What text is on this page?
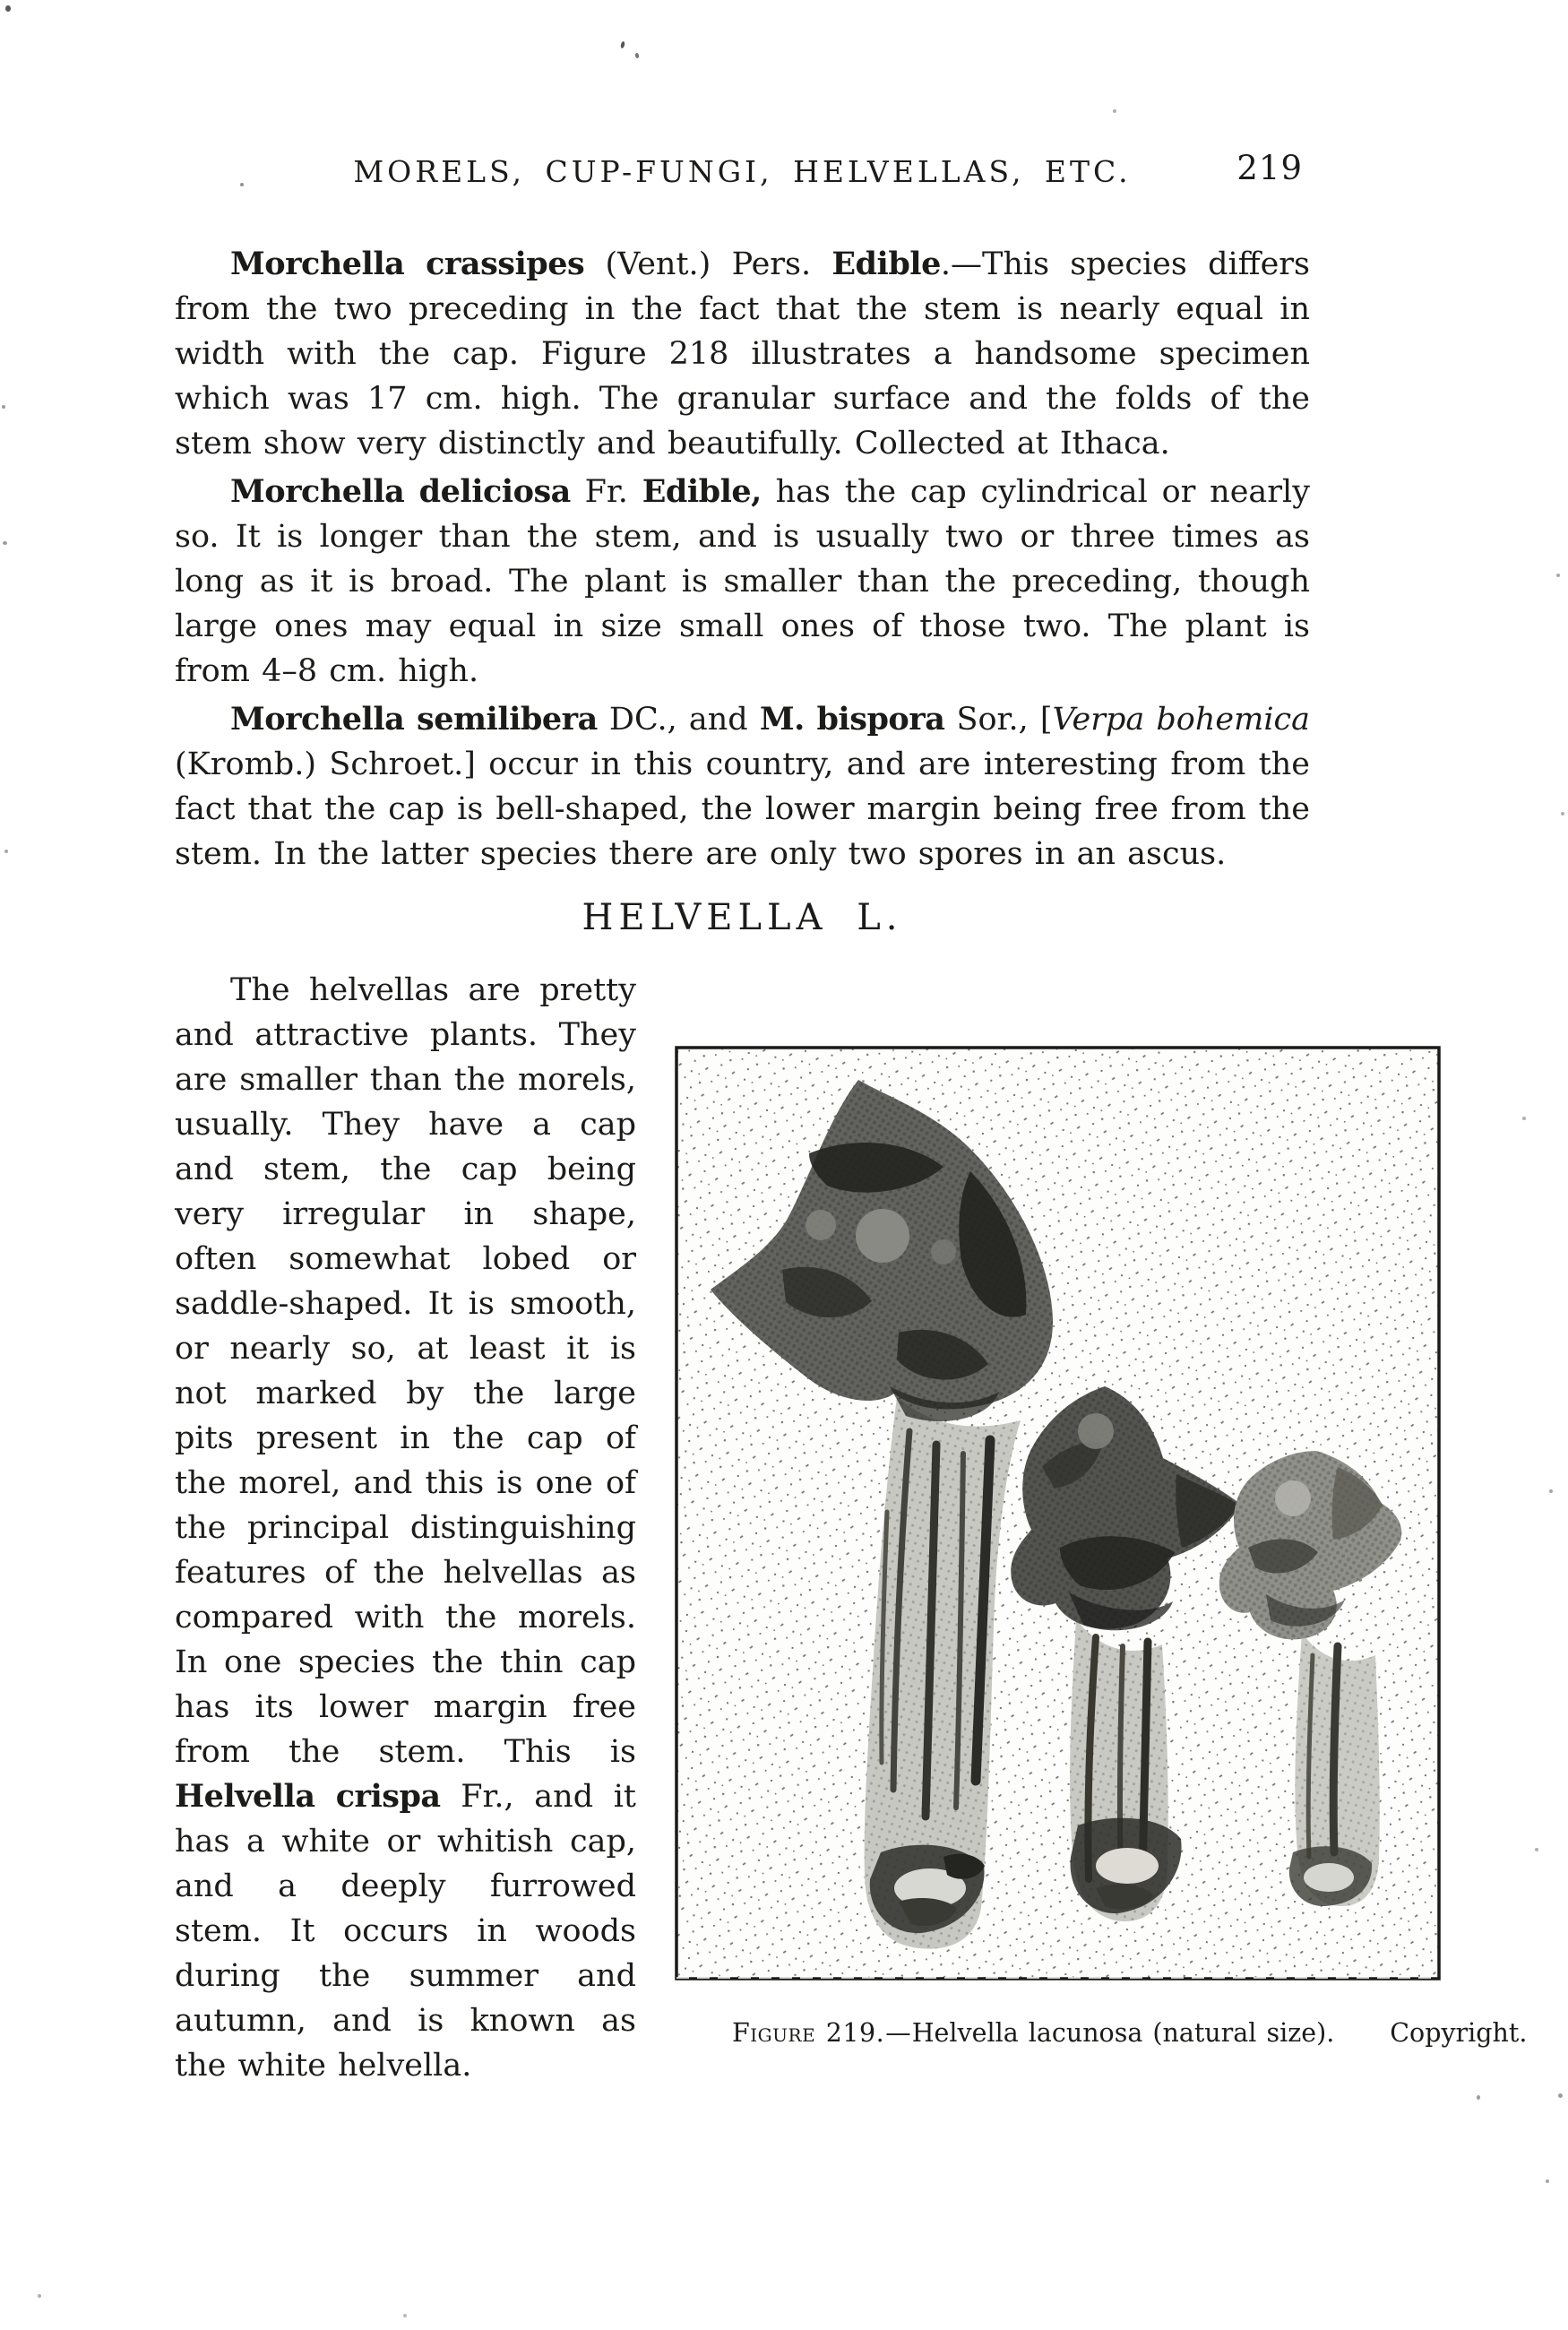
MORELS, CUP-FUNGI, HELVELLAS, ETC.	219

Morchella crassipes (Vent.) Pers. Edible.—This species differs from the two preceding in the fact that the stem is nearly equal in width with the cap. Figure 218 illustrates a handsome specimen which was 17 cm. high. The granular surface and the folds of the stem show very distinctly and beautifully. Collected at Ithaca.

Morchella deliciosa Fr. Edible, has the cap cylindrical or nearly so. It is longer than the stem, and is usually two or three times as long as it is broad. The plant is smaller than the preceding, though large ones may equal in size small ones of those two. The plant is from 4–8 cm. high.

Morchella semilibera DC., and M. bispora Sor., [Verpa bohemica (Kromb.) Schroet.] occur in this country, and are interesting from the fact that the cap is bell-shaped, the lower margin being free from the stem. In the latter species there are only two spores in an ascus.

HELVELLA L.

Figure 219.—Helvella lacunosa (natural size).	Copyright.
The helvellas are pretty and attractive plants. They are smaller than the morels, usually. They have a cap and stem, the cap being very irregular in shape, often somewhat lobed or saddle-shaped. It is smooth, or nearly so, at least it is not marked by the large pits present in the cap of the morel, and this is one of the principal distinguishing features of the helvellas as compared with the morels. In one species the thin cap has its lower margin free from the stem. This is Helvella crispa Fr., and it has a white or whitish cap, and a deeply furrowed stem. It occurs in woods during the summer and autumn, and is known as the white helvella.
